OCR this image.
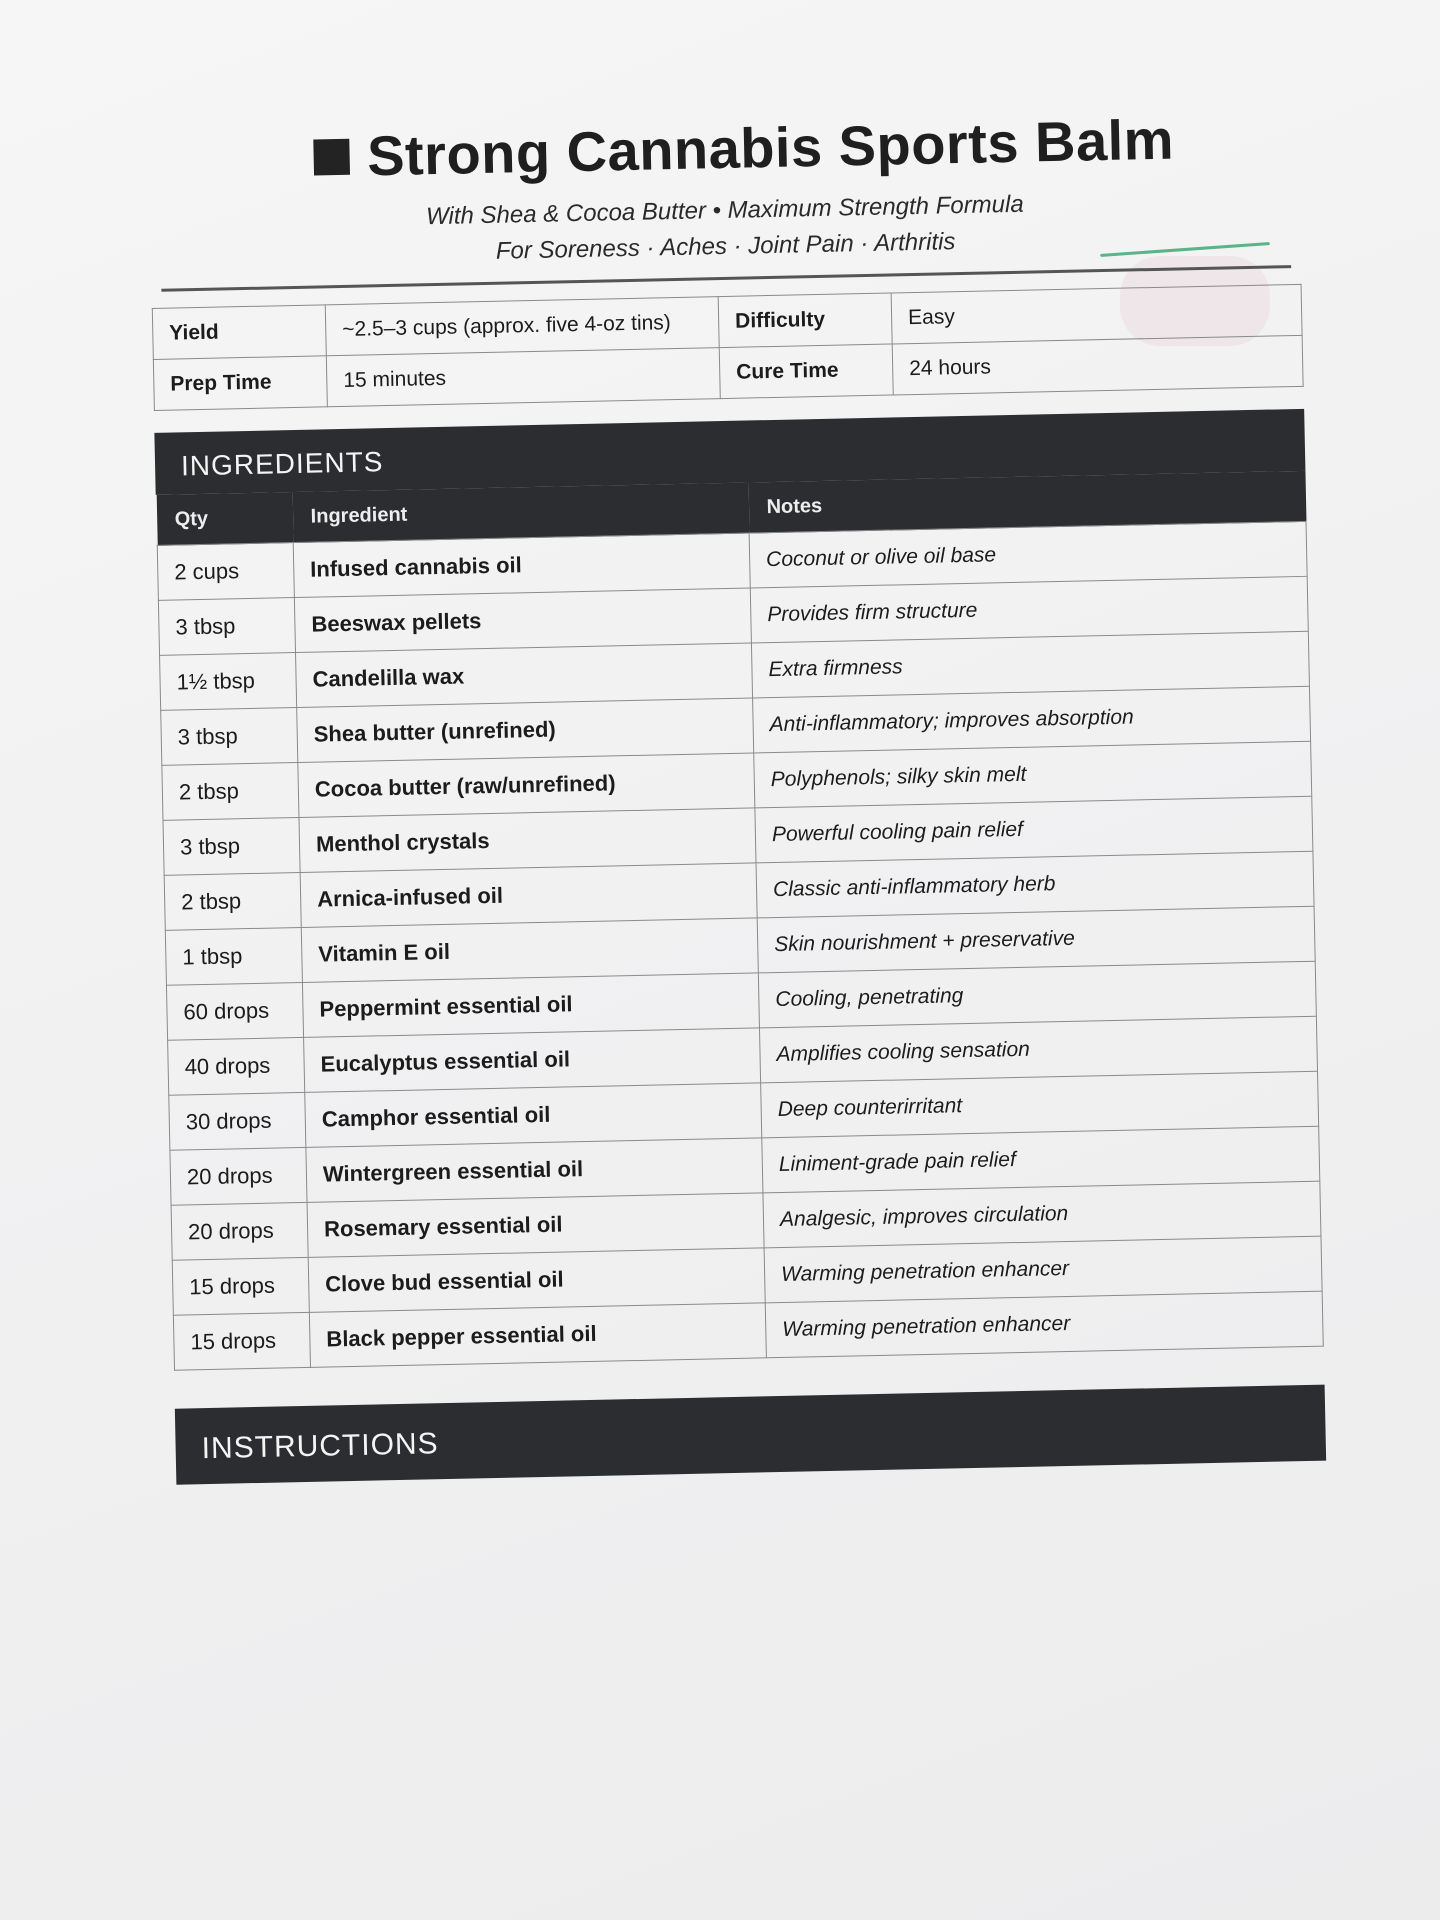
Strong Cannabis Sports Balm
With Shea & Cocoa Butter • Maximum Strength Formula
For Soreness · Aches · Joint Pain · Arthritis
Yield	~2.5–3 cups (approx. five 4-oz tins)	Difficulty	Easy
Prep Time	15 minutes	Cure Time	24 hours
INGREDIENTS
Qty	Ingredient	Notes
2 cups	Infused cannabis oil	Coconut or olive oil base
3 tbsp	Beeswax pellets	Provides firm structure
1½ tbsp	Candelilla wax	Extra firmness
3 tbsp	Shea butter (unrefined)	Anti-inflammatory; improves absorption
2 tbsp	Cocoa butter (raw/unrefined)	Polyphenols; silky skin melt
3 tbsp	Menthol crystals	Powerful cooling pain relief
2 tbsp	Arnica-infused oil	Classic anti-inflammatory herb
1 tbsp	Vitamin E oil	Skin nourishment + preservative
60 drops	Peppermint essential oil	Cooling, penetrating
40 drops	Eucalyptus essential oil	Amplifies cooling sensation
30 drops	Camphor essential oil	Deep counterirritant
20 drops	Wintergreen essential oil	Liniment-grade pain relief
20 drops	Rosemary essential oil	Analgesic, improves circulation
15 drops	Clove bud essential oil	Warming penetration enhancer
15 drops	Black pepper essential oil	Warming penetration enhancer
INSTRUCTIONS
